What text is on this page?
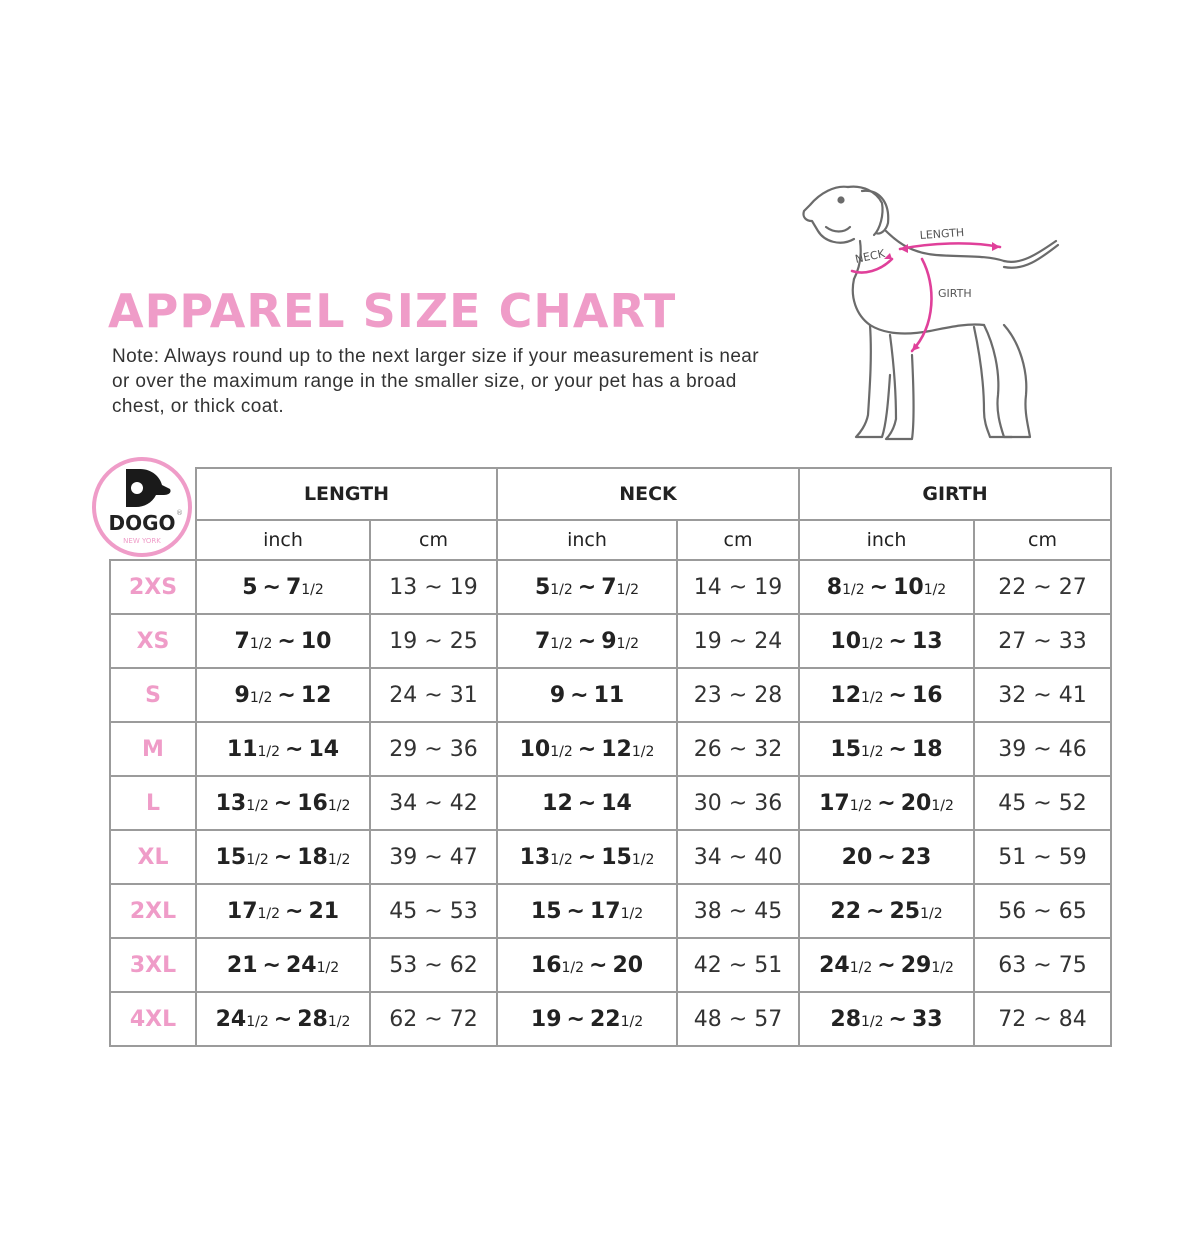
APPAREL SIZE CHART
Note: Always round up to the next larger size if your measurement is near or over the maximum range in the smaller size, or your pet has a broad chest, or thick coat.
NECK
LENGTH
GIRTH
DOGO ®
NEW YORK
	LENGTH		NECK		GIRTH	
	inch	cm	inch	cm	inch	cm
2XS	5 ~ 71/2	13 ~ 19	51/2 ~ 71/2	14 ~ 19	81/2 ~ 101/2	22 ~ 27
XS	71/2 ~ 10	19 ~ 25	71/2 ~ 91/2	19 ~ 24	101/2 ~ 13	27 ~ 33
S	91/2 ~ 12	24 ~ 31	9 ~ 11	23 ~ 28	121/2 ~ 16	32 ~ 41
M	111/2 ~ 14	29 ~ 36	101/2 ~ 121/2	26 ~ 32	151/2 ~ 18	39 ~ 46
L	131/2 ~ 161/2	34 ~ 42	12 ~ 14	30 ~ 36	171/2 ~ 201/2	45 ~ 52
XL	151/2 ~ 181/2	39 ~ 47	131/2 ~ 151/2	34 ~ 40	20 ~ 23	51 ~ 59
2XL	171/2 ~ 21	45 ~ 53	15 ~ 171/2	38 ~ 45	22 ~ 251/2	56 ~ 65
3XL	21 ~ 241/2	53 ~ 62	161/2 ~ 20	42 ~ 51	241/2 ~ 291/2	63 ~ 75
4XL	241/2 ~ 281/2	62 ~ 72	19 ~ 221/2	48 ~ 57	281/2 ~ 33	72 ~ 84
